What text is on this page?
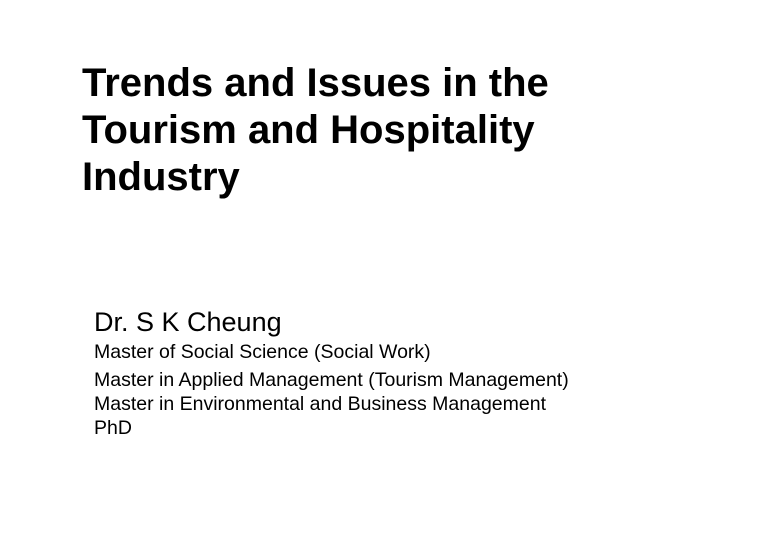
Trends and Issues in the
Tourism and Hospitality
Industry
Dr. S K Cheung
Master of Social Science (Social Work)
Master in Applied Management (Tourism Management)
Master in Environmental and Business Management
PhD
